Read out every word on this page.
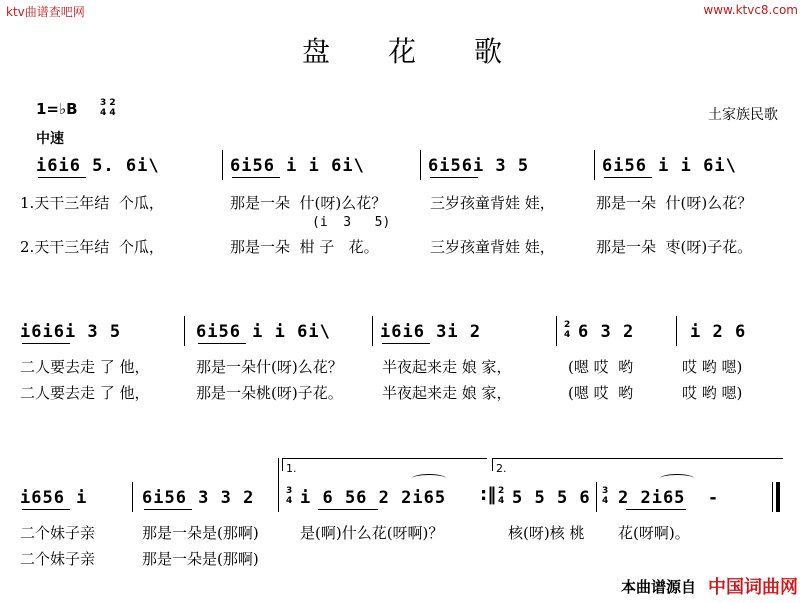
ktv曲谱查吧网	www.ktvc8.com
盘花歌
1=♭B 3 2
4 4
中速
土家族民歌
i6i6 5. 6i\	6i56 i i 6i\	6i56i 3 5	6i56 i i 6i\
1.天干三年结  个瓜，	那是一朵  什(呀)么花？	三岁孩童背娃 娃，	那是一朵  什(呀)么花？
(i  3   5)
2.天干三年结  个瓜，	那是一朵  柑 子   花。	三岁孩童背娃 娃，	那是一朵  枣(呀)子花。
i6i6i 3 5	6i56 i i 6i\	i6i6 3i 2	2
4 6 3 2	i 2 6
二人要去走 了 他，	那是一朵什(呀)么花？	半夜起来走 娘 家，	(嗯 哎  哟	哎 哟 嗯)
二人要去走 了 他，	那是一朵桃(呀)子花。	半夜起来走 娘 家，	(嗯 哎  哟	哎 哟 嗯)
i656 i	6i56 3 3 2
1.
3
4 i 6 56 2 2i65 :‖
2.
2
4 5 5 5 6 3
4 2 2i65  -
二个妹子亲	那是一朵是(那啊)	是(啊)什么花(呀啊)？	核(呀)核 桃 花(呀啊)。
二个妹子亲	那是一朵是(那啊)
本曲谱源自 中国词曲网
